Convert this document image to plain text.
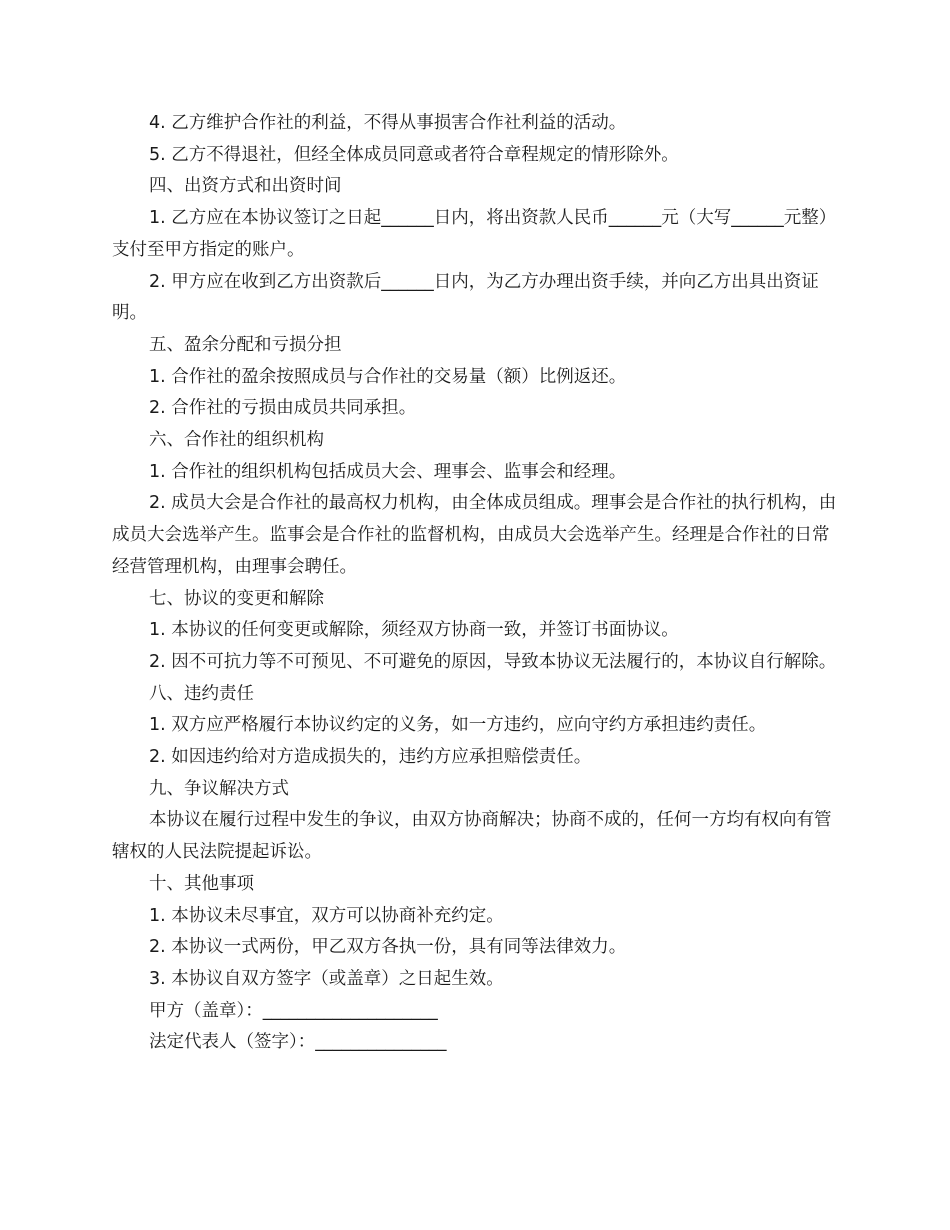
4. 乙方维护合作社的利益，不得从事损害合作社利益的活动。

5. 乙方不得退社，但经全体成员同意或者符合章程规定的情形除外。

四、出资方式和出资时间

1. 乙方应在本协议签订之日起______日内，将出资款人民币______元（大写______元整）支付至甲方指定的账户。

2. 甲方应在收到乙方出资款后______日内，为乙方办理出资手续，并向乙方出具出资证明。

五、盈余分配和亏损分担

1. 合作社的盈余按照成员与合作社的交易量（额）比例返还。

2. 合作社的亏损由成员共同承担。

六、合作社的组织机构

1. 合作社的组织机构包括成员大会、理事会、监事会和经理。

2. 成员大会是合作社的最高权力机构，由全体成员组成。理事会是合作社的执行机构，由成员大会选举产生。监事会是合作社的监督机构，由成员大会选举产生。经理是合作社的日常经营管理机构，由理事会聘任。

七、协议的变更和解除

1. 本协议的任何变更或解除，须经双方协商一致，并签订书面协议。

2. 因不可抗力等不可预见、不可避免的原因，导致本协议无法履行的，本协议自行解除。

八、违约责任

1. 双方应严格履行本协议约定的义务，如一方违约，应向守约方承担违约责任。

2. 如因违约给对方造成损失的，违约方应承担赔偿责任。

九、争议解决方式

本协议在履行过程中发生的争议，由双方协商解决；协商不成的，任何一方均有权向有管辖权的人民法院提起诉讼。

十、其他事项

1. 本协议未尽事宜，双方可以协商补充约定。

2. 本协议一式两份，甲乙双方各执一份，具有同等法律效力。

3. 本协议自双方签字（或盖章）之日起生效。

甲方（盖章）：____________________

法定代表人（签字）：_______________
